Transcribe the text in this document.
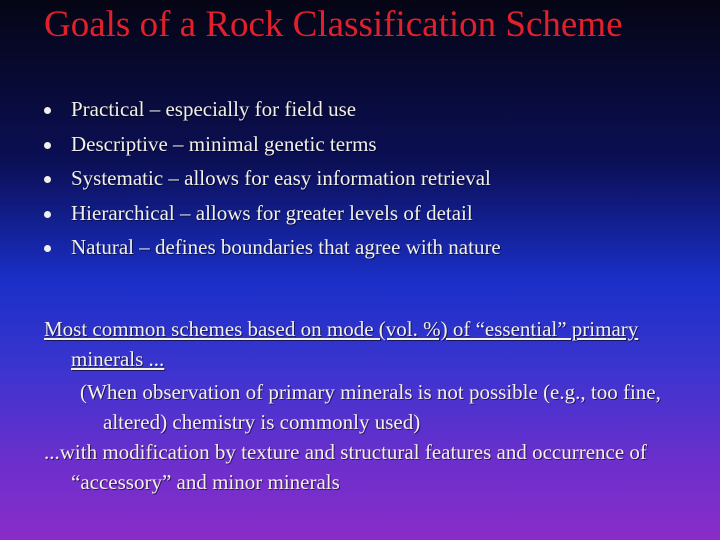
Goals of a Rock Classification Scheme
Practical – especially for field use
Descriptive – minimal genetic terms
Systematic – allows for easy information retrieval
Hierarchical – allows for greater levels of detail
Natural – defines boundaries that agree with nature

Most common schemes based on mode (vol. %) of “essential” primary minerals ...

(When observation of primary minerals is not possible (e.g., too fine, altered) chemistry is commonly used)

...with modification by texture and structural features and occurrence of “accessory” and minor minerals
